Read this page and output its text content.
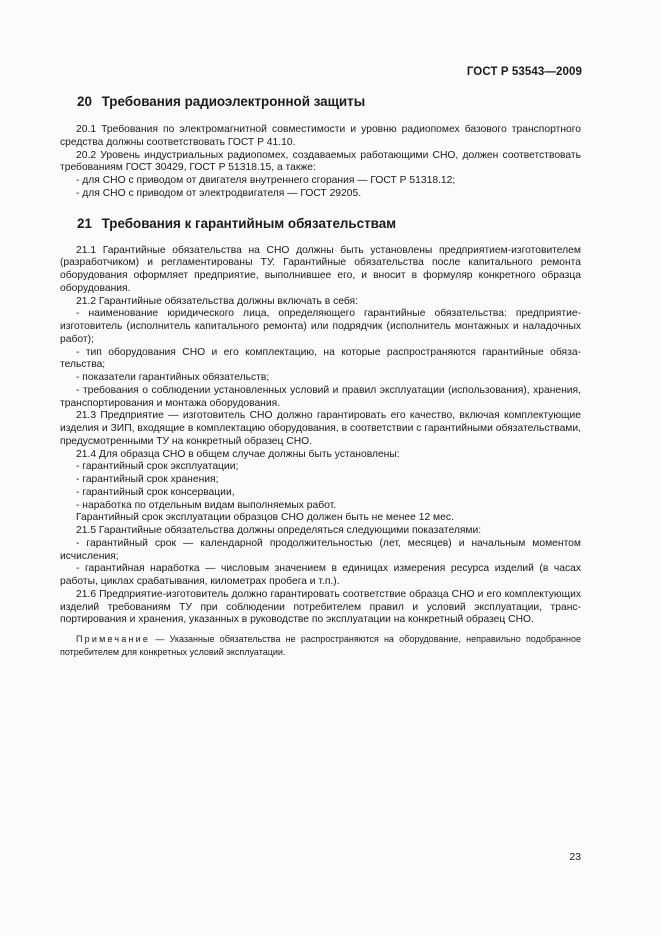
ГОСТ Р 53543—2009
20 Требования радиоэлектронной защиты

20.1 Требования по электромагнитной совместимости и уровню радиопомех базового транспортного средства должны соответствовать ГОСТ Р 41.10.

20.2 Уровень индустриальных радиопомех, создаваемых работающими СНО, должен соответствовать требованиям ГОСТ 30429, ГОСТ Р 51318.15, а также:

- для СНО с приводом от двигателя внутреннего сгорания — ГОСТ Р 51318.12;

- для СНО с приводом от электродвигателя — ГОСТ 29205.

21 Требования к гарантийным обязательствам

21.1 Гарантийные обязательства на СНО должны быть установлены предприятием-изготовителем (разработчиком) и регламентированы ТУ. Гарантийные обязательства после капитального ремонта оборудования оформляет предприятие, выполнившее его, и вносит в формуляр конкретного образца оборудования.

21.2 Гарантийные обязательства должны включать в себя:

- наименование юридического лица, определяющего гарантийные обязательства: предприятие-изготовитель (исполнитель капитального ремонта) или подрядчик (исполнитель монтажных и наладочных работ);

- тип оборудования СНО и его комплектацию, на которые распространяются гарантийные обязательства;

- показатели гарантийных обязательств;

- требования о соблюдении установленных условий и правил эксплуатации (использования), хранения, транспортирования и монтажа оборудования.

21.3 Предприятие — изготовитель СНО должно гарантировать его качество, включая комплектующие изделия и ЗИП, входящие в комплектацию оборудования, в соответствии с гарантийными обязательствами, предусмотренными ТУ на конкретный образец СНО.

21.4 Для образца СНО в общем случае должны быть установлены:

- гарантийный срок эксплуатации;

- гарантийный срок хранения;

- гарантийный срок консервации,

- наработка по отдельным видам выполняемых работ.

Гарантийный срок эксплуатации образцов СНО должен быть не менее 12 мес.

21.5 Гарантийные обязательства должны определяться следующими показателями:

- гарантийный срок — календарной продолжительностью (лет, месяцев) и начальным моментом исчисления;

- гарантийная наработка — числовым значением в единицах измерения ресурса изделий (в часах работы, циклах срабатывания, километрах пробега и т.п.).

21.6 Предприятие-изготовитель должно гарантировать соответствие образца СНО и его комплектующих изделий требованиям ТУ при соблюдении потребителем правил и условий эксплуатации, транспортирования и хранения, указанных в руководстве по эксплуатации на конкретный образец СНО.

Примечание — Указанные обязательства не распространяются на оборудование, неправильно подобранное потребителем для конкретных условий эксплуатации.

23
